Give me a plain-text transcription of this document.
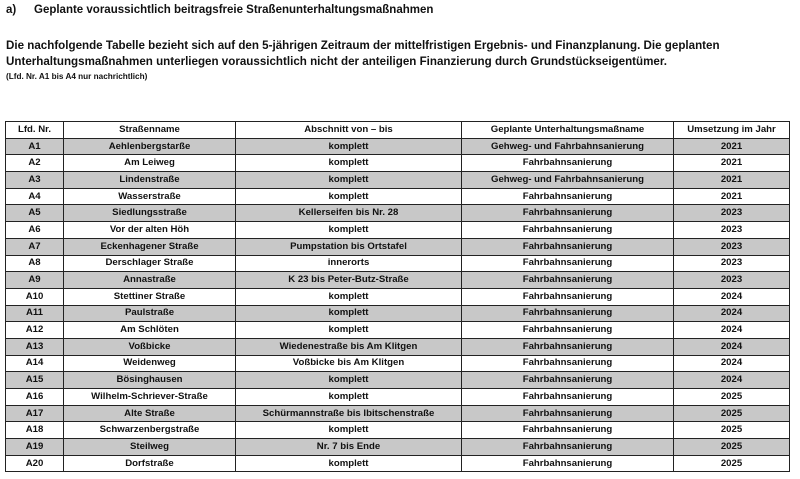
a) Geplante voraussichtlich beitragsfreie Straßenunterhaltungsmaßnahmen
Die nachfolgende Tabelle bezieht sich auf den 5-jährigen Zeitraum der mittelfristigen Ergebnis- und Finanzplanung. Die geplanten
Unterhaltungsmaßnahmen unterliegen voraussichtlich nicht der anteiligen Finanzierung durch Grundstückseigentümer.
(Lfd. Nr. A1 bis A4 nur nachrichtlich)
Lfd. Nr.	Straßenname	Abschnitt von – bis	Geplante Unterhaltungsmaßname	Umsetzung im Jahr
A1	Aehlenbergstarße	komplett	Gehweg- und Fahrbahnsanierung	2021
A2	Am Leiweg	komplett	Fahrbahnsanierung	2021
A3	Lindenstraße	komplett	Gehweg- und Fahrbahnsanierung	2021
A4	Wasserstraße	komplett	Fahrbahnsanierung	2021
A5	Siedlungsstraße	Kellerseifen bis Nr. 28	Fahrbahnsanierung	2023
A6	Vor der alten Höh	komplett	Fahrbahnsanierung	2023
A7	Eckenhagener Straße	Pumpstation bis Ortstafel	Fahrbahnsanierung	2023
A8	Derschlager Straße	innerorts	Fahrbahnsanierung	2023
A9	Annastraße	K 23 bis Peter-Butz-Straße	Fahrbahnsanierung	2023
A10	Stettiner Straße	komplett	Fahrbahnsanierung	2024
A11	Paulstraße	komplett	Fahrbahnsanierung	2024
A12	Am Schlöten	komplett	Fahrbahnsanierung	2024
A13	Voßbicke	Wiedenestraße bis Am Klitgen	Fahrbahnsanierung	2024
A14	Weidenweg	Voßbicke bis Am Klitgen	Fahrbahnsanierung	2024
A15	Bösinghausen	komplett	Fahrbahnsanierung	2024
A16	Wilhelm-Schriever-Straße	komplett	Fahrbahnsanierung	2025
A17	Alte Straße	Schürmannstraße bis Ibitschenstraße	Fahrbahnsanierung	2025
A18	Schwarzenbergstraße	komplett	Fahrbahnsanierung	2025
A19	Steilweg	Nr. 7 bis Ende	Fahrbahnsanierung	2025
A20	Dorfstraße	komplett	Fahrbahnsanierung	2025
